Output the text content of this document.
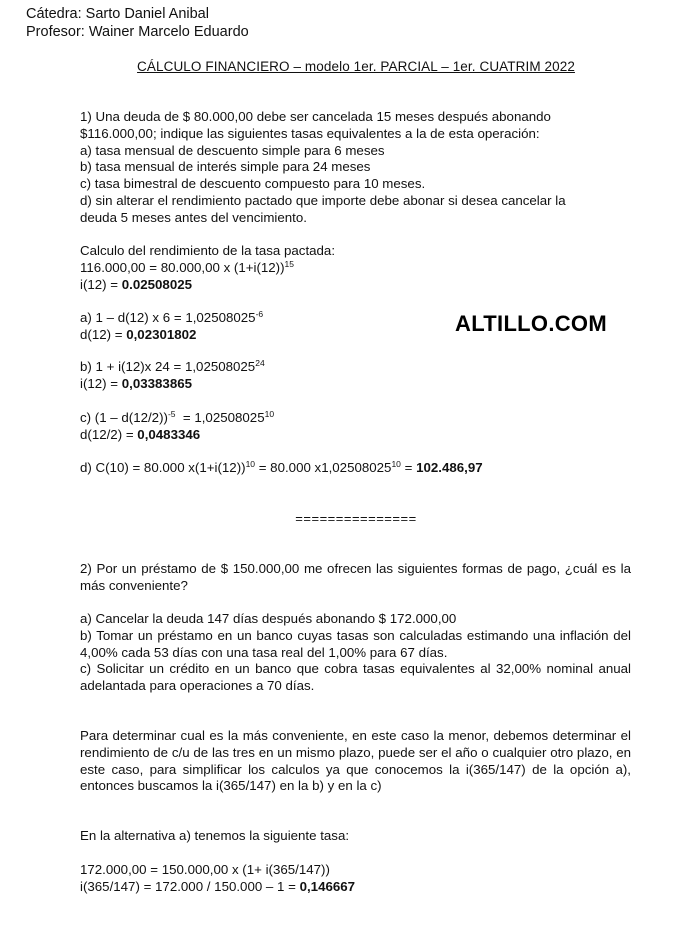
Cátedra: Sarto Daniel Anibal
Profesor: Wainer Marcelo Eduardo
CÁLCULO FINANCIERO – modelo 1er. PARCIAL – 1er. CUATRIM 2022
1) Una deuda de $ 80.000,00 debe ser cancelada 15 meses después abonando
$116.000,00; indique las siguientes tasas equivalentes a la de esta operación:
a) tasa mensual de descuento simple para 6 meses
b) tasa mensual de interés simple para 24 meses
c) tasa bimestral de descuento compuesto para 10 meses.
d) sin alterar el rendimiento pactado que importe debe abonar si desea cancelar la
deuda 5 meses antes del vencimiento.
Calculo del rendimiento de la tasa pactada:
116.000,00 = 80.000,00 x $(1+i(12))^{15}$
i(12) = 0.02508025
ALTILLO.COM
a) 1 – d(12) x $6 = 1,02508025^{-6}$
d(12) = 0,02301802
b) 1 + i(12)x $24 = 1,02508025^{24}$
i(12) = 0,03383865
c) $(1 - d(12/2))^{-5} = 1,02508025^{10}$
d(12/2) = 0,0483346
d) C(10) = 80.000 $x(1+i(12))^{10} = 80.000$ $x1,02508025^{10} = 102.486,97$
===============
2) Por un préstamo de $ 150.000,00 me ofrecen las siguientes formas de pago, ¿cuál es la más conveniente?
a) Cancelar la deuda 147 días después abonando $ 172.000,00
b) Tomar un préstamo en un banco cuyas tasas son calculadas estimando una inflación del 4,00% cada 53 días con una tasa real del 1,00% para 67 días.
c) Solicitar un crédito en un banco que cobra tasas equivalentes al 32,00% nominal anual adelantada para operaciones a 70 días.
Para determinar cual es la más conveniente, en este caso la menor, debemos determinar el rendimiento de c/u de las tres en un mismo plazo, puede ser el año o cualquier otro plazo, en este caso, para simplificar los calculos ya que conocemos la i(365/147) de la opción a), entonces buscamos la i(365/147) en la b) y en la c)
En la alternativa a) tenemos la siguiente tasa:
172.000,00 = 150.000,00 x (1+ i(365/147))
i(365/147) = 172.000 / 150.000 – 1 = 0,146667
